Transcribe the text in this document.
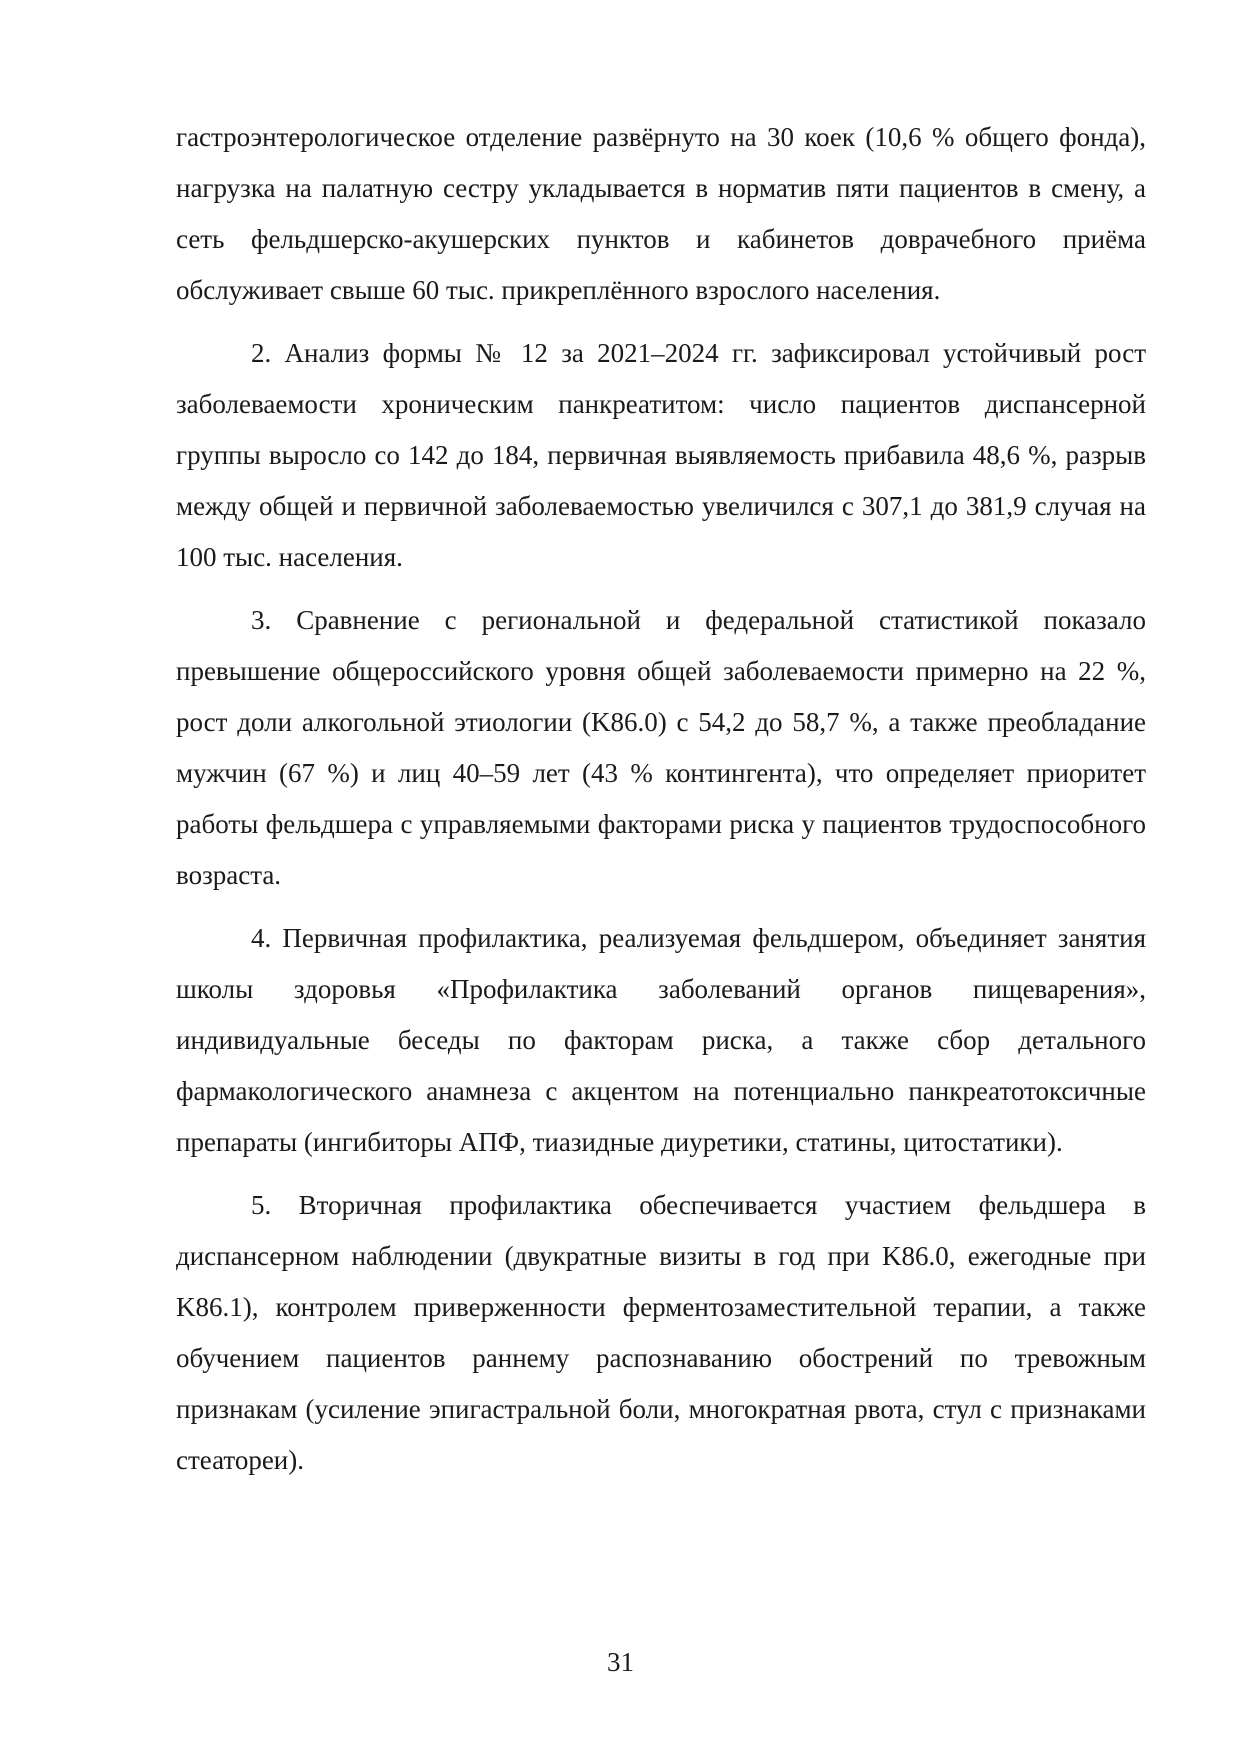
гастроэнтерологическое отделение развёрнуто на 30 коек (10,6 % общего фонда), нагрузка на палатную сестру укладывается в норматив пяти пациентов в смену, а сеть фельдшерско-акушерских пунктов и кабинетов доврачебного приёма обслуживает свыше 60 тыс. прикреплённого взрослого населения.

2. Анализ формы № 12 за 2021–2024 гг. зафиксировал устойчивый рост заболеваемости хроническим панкреатитом: число пациентов диспансерной группы выросло со 142 до 184, первичная выявляемость прибавила 48,6 %, разрыв между общей и первичной заболеваемостью увеличился с 307,1 до 381,9 случая на 100 тыс. населения.

3. Сравнение с региональной и федеральной статистикой показало превышение общероссийского уровня общей заболеваемости примерно на 22 %, рост доли алкогольной этиологии (K86.0) с 54,2 до 58,7 %, а также преобладание мужчин (67 %) и лиц 40–59 лет (43 % контингента), что определяет приоритет работы фельдшера с управляемыми факторами риска у пациентов трудоспособного возраста.

4. Первичная профилактика, реализуемая фельдшером, объединяет занятия школы здоровья «Профилактика заболеваний органов пищеварения», индивидуальные беседы по факторам риска, а также сбор детального фармакологического анамнеза с акцентом на потенциально панкреатотоксичные препараты (ингибиторы АПФ, тиазидные диуретики, статины, цитостатики).

5. Вторичная профилактика обеспечивается участием фельдшера в диспансерном наблюдении (двукратные визиты в год при K86.0, ежегодные при K86.1), контролем приверженности ферментозаместительной терапии, а также обучением пациентов раннему распознаванию обострений по тревожным признакам (усиление эпигастральной боли, многократная рвота, стул с признаками стеатореи).

31
